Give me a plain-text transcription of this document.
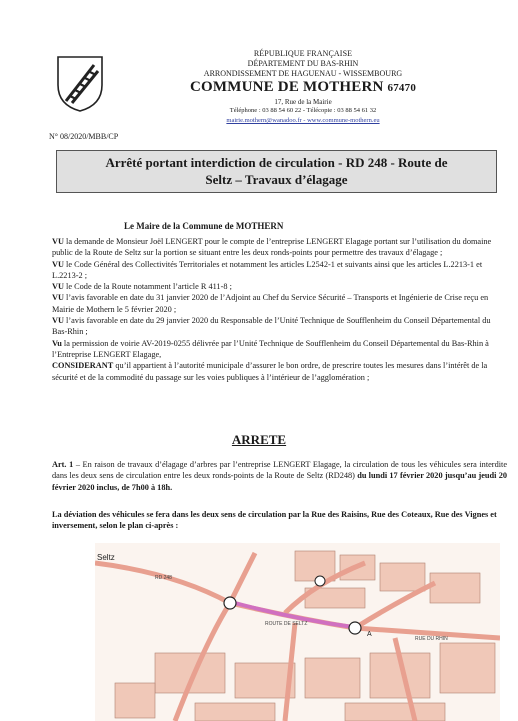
RÉPUBLIQUE FRANÇAISE
DÉPARTEMENT DU BAS-RHIN
ARRONDISSEMENT DE HAGUENAU - WISSEMBOURG
COMMUNE DE MOTHERN 67470
17, Rue de la Mairie
Téléphone : 03 88 54 60 22 - Télécopie : 03 88 54 61 32
mairie.mothern@wanadoo.fr - www.commune-mothern.eu
N° 08/2020/MBB/CP
Arrêté portant interdiction de circulation - RD 248 - Route de
Seltz – Travaux d’élagage
Le Maire de la Commune de MOTHERN
VU la demande de Monsieur Joël LENGERT pour le compte de l’entreprise LENGERT Elagage portant sur l’utilisation du domaine public de la Route de Seltz sur la portion se situant entre les deux ronds-points pour permettre des travaux d’élagage ;
VU le Code Général des Collectivités Territoriales et notamment les articles L2542-1 et suivants ainsi que les articles L.2213-1 et L.2213-2 ;
VU le Code de la Route notamment l’article R 411-8 ;
VU l’avis favorable en date du 31 janvier 2020 de l’Adjoint au Chef du Service Sécurité – Transports et Ingénierie de Crise reçu en Mairie de Mothern le 5 février 2020 ;
VU l’avis favorable en date du 29 janvier 2020 du Responsable de l’Unité Technique de Soufflenheim du Conseil Départemental du Bas-Rhin ;
Vu la permission de voirie AV-2019-0255 délivrée par l’Unité Technique de Soufflenheim du Conseil Départemental du Bas-Rhin à l’Entreprise LENGERT Elagage,
CONSIDERANT qu’il appartient à l’autorité municipale d’assurer le bon ordre, de prescrire toutes les mesures dans l’intérêt de la sécurité et de la commodité du passage sur les voies publiques à l’intérieur de l’agglomération ;
ARRETE
Art. 1 – En raison de travaux d’élagage d’arbres par l’entreprise LENGERT Elagage, la circulation de tous les véhicules sera interdite dans les deux sens de circulation entre les deux ronds-points de la Route de Seltz (RD248) du lundi 17 février 2020 jusqu’au jeudi 20 février 2020 inclus, de 7h00 à 18h.
La déviation des véhicules se fera dans les deux sens de circulation par la Rue des Raisins, Rue des Coteaux, Rue des Vignes et inversement, selon le plan ci-après :
Seltz
A
RD 248
ROUTE DE SELTZ
RUE DU RHIN
